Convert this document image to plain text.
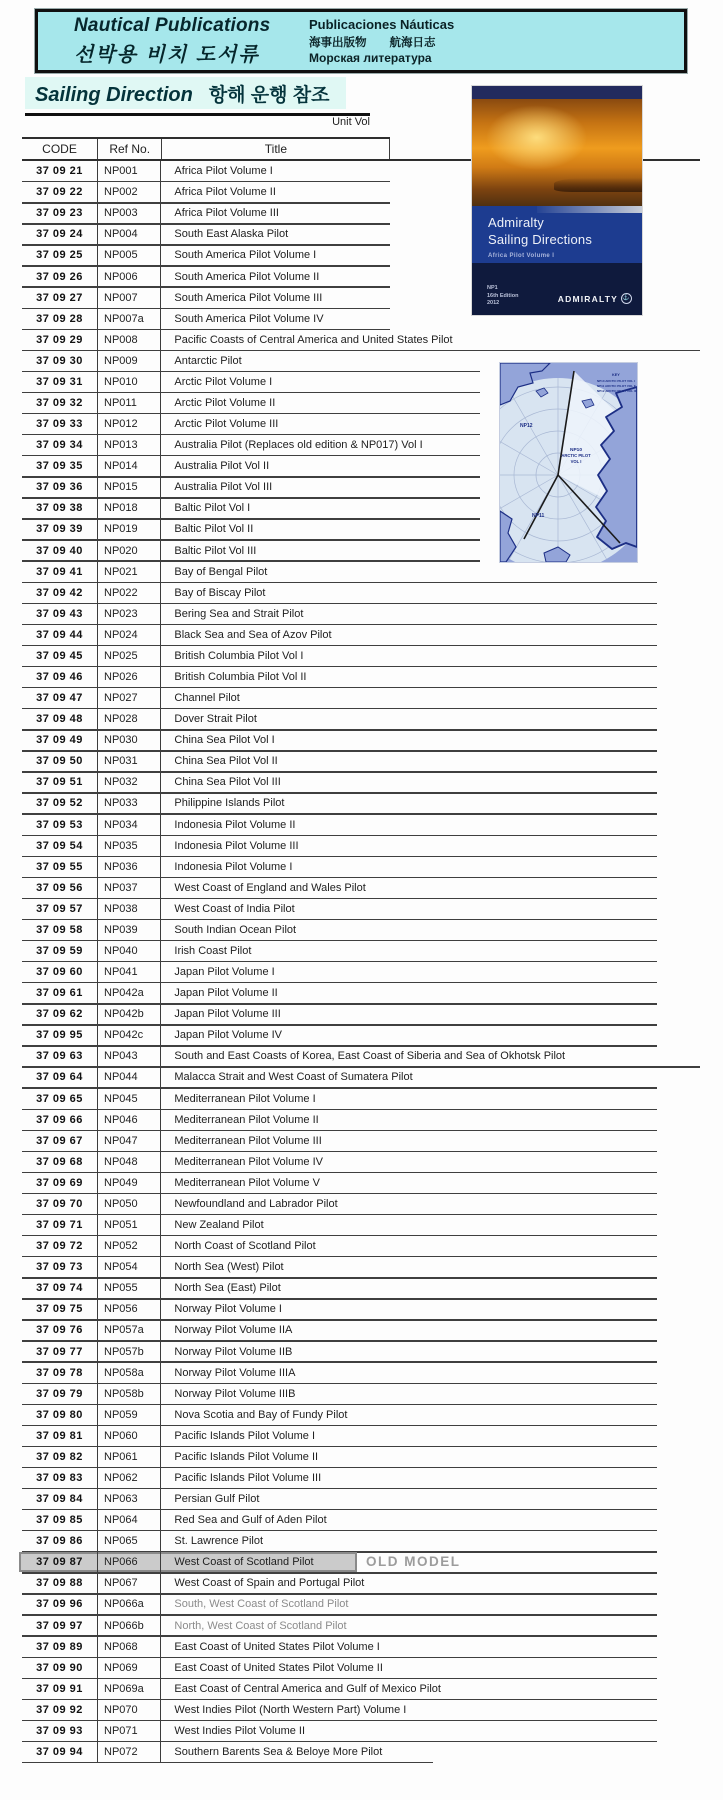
Nautical Publications
선박용 비치 도서류
Publicaciones Náuticas
海事出版物　　航海日志
Морская литература
Sailing Direction 항해 운행 참조
Unit Vol
CODE	Ref No.	Title
37 09 21	NP001	Africa Pilot Volume I
37 09 22	NP002	Africa Pilot Volume II
37 09 23	NP003	Africa Pilot Volume III
37 09 24	NP004	South East Alaska Pilot
37 09 25	NP005	South America Pilot Volume I
37 09 26	NP006	South America Pilot Volume II
37 09 27	NP007	South America Pilot Volume III
37 09 28	NP007a	South America Pilot Volume IV
37 09 29	NP008	Pacific Coasts of Central America and United States Pilot
37 09 30	NP009	Antarctic Pilot
37 09 31	NP010	Arctic Pilot Volume I
37 09 32	NP011	Arctic Pilot Volume II
37 09 33	NP012	Arctic Pilot Volume III
37 09 34	NP013	Australia Pilot (Replaces old edition & NP017) Vol I
37 09 35	NP014	Australia Pilot Vol II
37 09 36	NP015	Australia Pilot Vol III
37 09 38	NP018	Baltic Pilot Vol I
37 09 39	NP019	Baltic Pilot Vol II
37 09 40	NP020	Baltic Pilot Vol III
37 09 41	NP021	Bay of Bengal Pilot
37 09 42	NP022	Bay of Biscay Pilot
37 09 43	NP023	Bering Sea and Strait Pilot
37 09 44	NP024	Black Sea and Sea of Azov Pilot
37 09 45	NP025	British Columbia Pilot Vol I
37 09 46	NP026	British Columbia Pilot Vol II
37 09 47	NP027	Channel Pilot
37 09 48	NP028	Dover Strait Pilot
37 09 49	NP030	China Sea Pilot Vol I
37 09 50	NP031	China Sea Pilot Vol II
37 09 51	NP032	China Sea Pilot Vol III
37 09 52	NP033	Philippine Islands Pilot
37 09 53	NP034	Indonesia Pilot Volume II
37 09 54	NP035	Indonesia Pilot Volume III
37 09 55	NP036	Indonesia Pilot Volume I
37 09 56	NP037	West Coast of England and Wales Pilot
37 09 57	NP038	West Coast of India Pilot
37 09 58	NP039	South Indian Ocean Pilot
37 09 59	NP040	Irish Coast Pilot
37 09 60	NP041	Japan Pilot Volume I
37 09 61	NP042a	Japan Pilot Volume II
37 09 62	NP042b	Japan Pilot Volume III
37 09 95	NP042c	Japan Pilot Volume IV
37 09 63	NP043	South and East Coasts of Korea, East Coast of Siberia and Sea of Okhotsk Pilot
37 09 64	NP044	Malacca Strait and West Coast of Sumatera Pilot
37 09 65	NP045	Mediterranean Pilot Volume I
37 09 66	NP046	Mediterranean Pilot Volume II
37 09 67	NP047	Mediterranean Pilot Volume III
37 09 68	NP048	Mediterranean Pilot Volume IV
37 09 69	NP049	Mediterranean Pilot Volume V
37 09 70	NP050	Newfoundland and Labrador Pilot
37 09 71	NP051	New Zealand Pilot
37 09 72	NP052	North Coast of Scotland Pilot
37 09 73	NP054	North Sea (West) Pilot
37 09 74	NP055	North Sea (East) Pilot
37 09 75	NP056	Norway Pilot Volume I
37 09 76	NP057a	Norway Pilot Volume IIA
37 09 77	NP057b	Norway Pilot Volume IIB
37 09 78	NP058a	Norway Pilot Volume IIIA
37 09 79	NP058b	Norway Pilot Volume IIIB
37 09 80	NP059	Nova Scotia and Bay of Fundy Pilot
37 09 81	NP060	Pacific Islands Pilot Volume I
37 09 82	NP061	Pacific Islands Pilot Volume II
37 09 83	NP062	Pacific Islands Pilot Volume III
37 09 84	NP063	Persian Gulf Pilot
37 09 85	NP064	Red Sea and Gulf of Aden Pilot
37 09 86	NP065	St. Lawrence Pilot
37 09 87	NP066	West Coast of Scotland Pilot	OLD MODEL
37 09 88	NP067	West Coast of Spain and Portugal Pilot
37 09 96	NP066a	South, West Coast of Scotland Pilot
37 09 97	NP066b	North, West Coast of Scotland Pilot
37 09 89	NP068	East Coast of United States Pilot Volume I
37 09 90	NP069	East Coast of United States Pilot Volume II
37 09 91	NP069a	East Coast of Central America and Gulf of Mexico Pilot
37 09 92	NP070	West Indies Pilot (North Western Part) Volume I
37 09 93	NP071	West Indies Pilot Volume II
37 09 94	NP072	Southern Barents Sea & Beloye More Pilot
Admiralty
Sailing Directions
Africa Pilot Volume I
NP1
16th Edition
2012	ADMIRALTY ⚓
NP12
NP11
NP10
ARCTIC PILOT
VOL I
KEY
NP10 ARCTIC PILOT VOL I
NP11 ARCTIC PILOT VOL II
NP12 ARCTIC PILOT VOL III
